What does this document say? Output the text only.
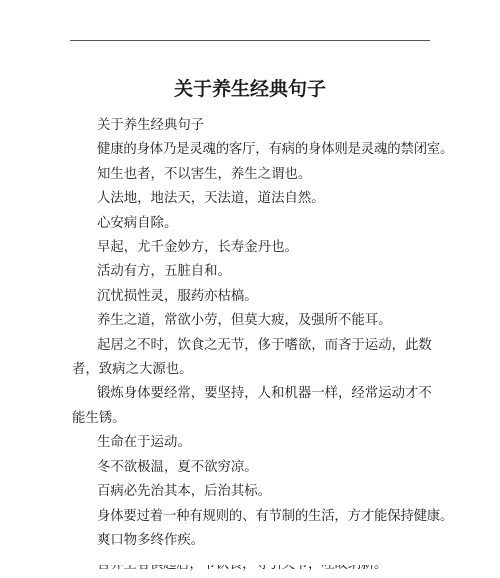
关于养生经典句子

关于养生经典句子

健康的身体乃是灵魂的客厅，有病的身体则是灵魂的禁闭室。

知生也者，不以害生，养生之谓也。

人法地，地法天，天法道，道法自然。

心安病自除。

早起，尤千金妙方，长寿金丹也。

活动有方，五脏自和。

沉忧损性灵，服药亦枯槁。

养生之道，常欲小劳，但莫大疲，及强所不能耳。

起居之不时，饮食之无节，侈于嗜欲，而吝于运动，此数者，致病之大源也。

锻炼身体要经常，要坚持，人和机器一样，经常运动才不能生锈。

生命在于运动。

冬不欲极温，夏不欲穷凉。

百病必先治其本，后治其标。

身体要过着一种有规则的、有节制的生活，方才能保持健康。

爽口物多终作疾。
